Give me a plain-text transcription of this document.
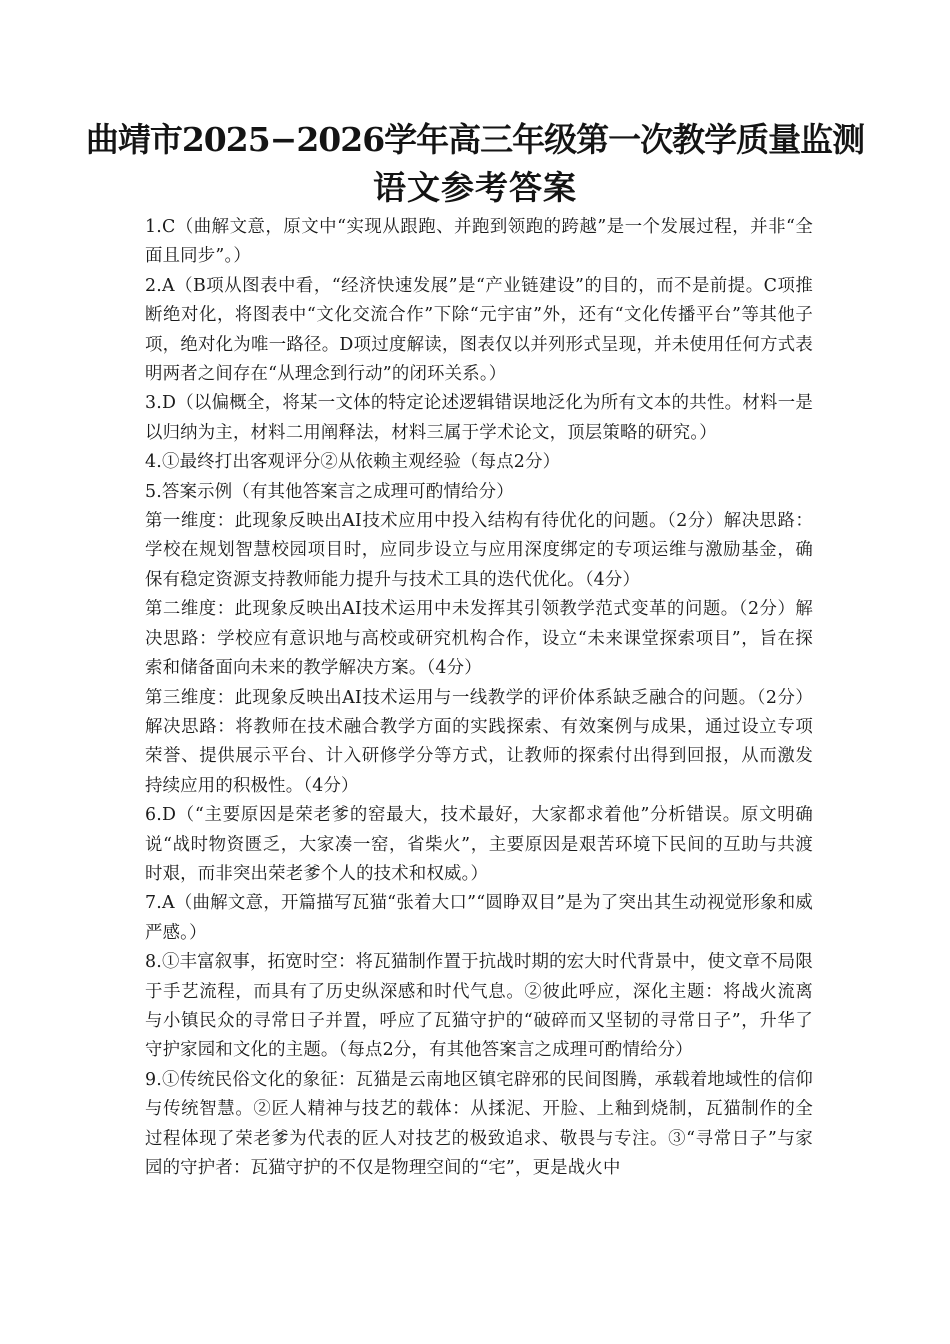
曲靖市2025−2026学年高三年级第一次教学质量监测
语文参考答案

1.C（曲解文意，原文中“实现从跟跑、并跑到领跑的跨越”是一个发展过程，并非“全面且同步”。）

2.A（B项从图表中看，“经济快速发展”是“产业链建设”的目的，而不是前提。C项推断绝对化，将图表中“文化交流合作”下除“元宇宙”外，还有“文化传播平台”等其他子项，绝对化为唯一路径。D项过度解读，图表仅以并列形式呈现，并未使用任何方式表明两者之间存在“从理念到行动”的闭环关系。）

3.D（以偏概全，将某一文体的特定论述逻辑错误地泛化为所有文本的共性。材料一是以归纳为主，材料二用阐释法，材料三属于学术论文，顶层策略的研究。）

4.①最终打出客观评分②从依赖主观经验（每点2分）

5.答案示例（有其他答案言之成理可酌情给分）

第一维度：此现象反映出AI技术应用中投入结构有待优化的问题。（2分）解决思路：学校在规划智慧校园项目时，应同步设立与应用深度绑定的专项运维与激励基金，确保有稳定资源支持教师能力提升与技术工具的迭代优化。（4分）

第二维度：此现象反映出AI技术运用中未发挥其引领教学范式变革的问题。（2分）解决思路：学校应有意识地与高校或研究机构合作，设立“未来课堂探索项目”，旨在探索和储备面向未来的教学解决方案。（4分）

第三维度：此现象反映出AI技术运用与一线教学的评价体系缺乏融合的问题。（2分）解决思路：将教师在技术融合教学方面的实践探索、有效案例与成果，通过设立专项荣誉、提供展示平台、计入研修学分等方式，让教师的探索付出得到回报，从而激发持续应用的积极性。（4分）

6.D（“主要原因是荣老爹的窑最大，技术最好，大家都求着他”分析错误。原文明确说“战时物资匮乏，大家凑一窑，省柴火”，主要原因是艰苦环境下民间的互助与共渡时艰，而非突出荣老爹个人的技术和权威。）

7.A（曲解文意，开篇描写瓦猫“张着大口”“圆睁双目”是为了突出其生动视觉形象和威严感。）

8.①丰富叙事，拓宽时空：将瓦猫制作置于抗战时期的宏大时代背景中，使文章不局限于手艺流程，而具有了历史纵深感和时代气息。②彼此呼应，深化主题：将战火流离与小镇民众的寻常日子并置，呼应了瓦猫守护的“破碎而又坚韧的寻常日子”，升华了守护家园和文化的主题。（每点2分，有其他答案言之成理可酌情给分）

9.①传统民俗文化的象征：瓦猫是云南地区镇宅辟邪的民间图腾，承载着地域性的信仰与传统智慧。②匠人精神与技艺的载体：从揉泥、开脸、上釉到烧制，瓦猫制作的全过程体现了荣老爹为代表的匠人对技艺的极致追求、敬畏与专注。③“寻常日子”与家园的守护者：瓦猫守护的不仅是物理空间的“宅”，更是战火中
